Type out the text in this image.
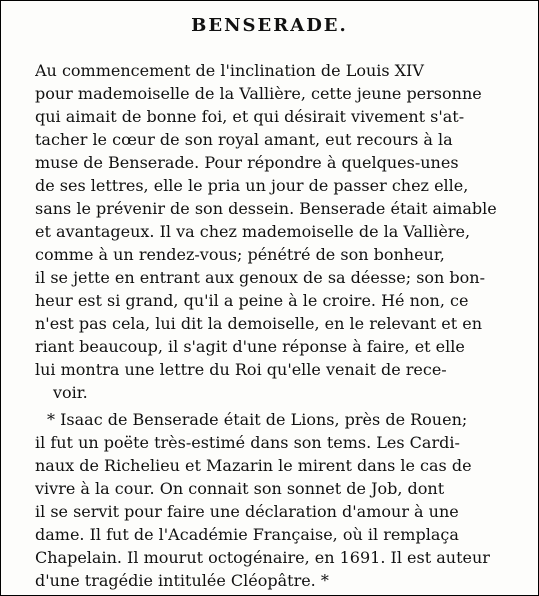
BENSERADE.
Au commencement de l'inclination de Louis XIV
pour mademoiselle de la Vallière, cette jeune personne
qui aimait de bonne foi, et qui désirait vivement s'at-
tacher le cœur de son royal amant, eut recours à la
muse de Benserade. Pour répondre à quelques-unes
de ses lettres, elle le pria un jour de passer chez elle,
sans le prévenir de son dessein. Benserade était aimable
et avantageux. Il va chez mademoiselle de la Vallière,
comme à un rendez-vous; pénétré de son bonheur,
il se jette en entrant aux genoux de sa déesse; son bon-
heur est si grand, qu'il a peine à le croire. Hé non, ce
n'est pas cela, lui dit la demoiselle, en le relevant et en
riant beaucoup, il s'agit d'une réponse à faire, et elle
lui montra une lettre du Roi qu'elle venait de rece-
voir.
* Isaac de Benserade était de Lions, près de Rouen;
il fut un poëte très-estimé dans son tems. Les Cardi-
naux de Richelieu et Mazarin le mirent dans le cas de
vivre à la cour. On connait son sonnet de Job, dont
il se servit pour faire une déclaration d'amour à une
dame. Il fut de l'Académie Française, où il remplaça
Chapelain. Il mourut octogénaire, en 1691. Il est auteur
d'une tragédie intitulée Cléopâtre. *
